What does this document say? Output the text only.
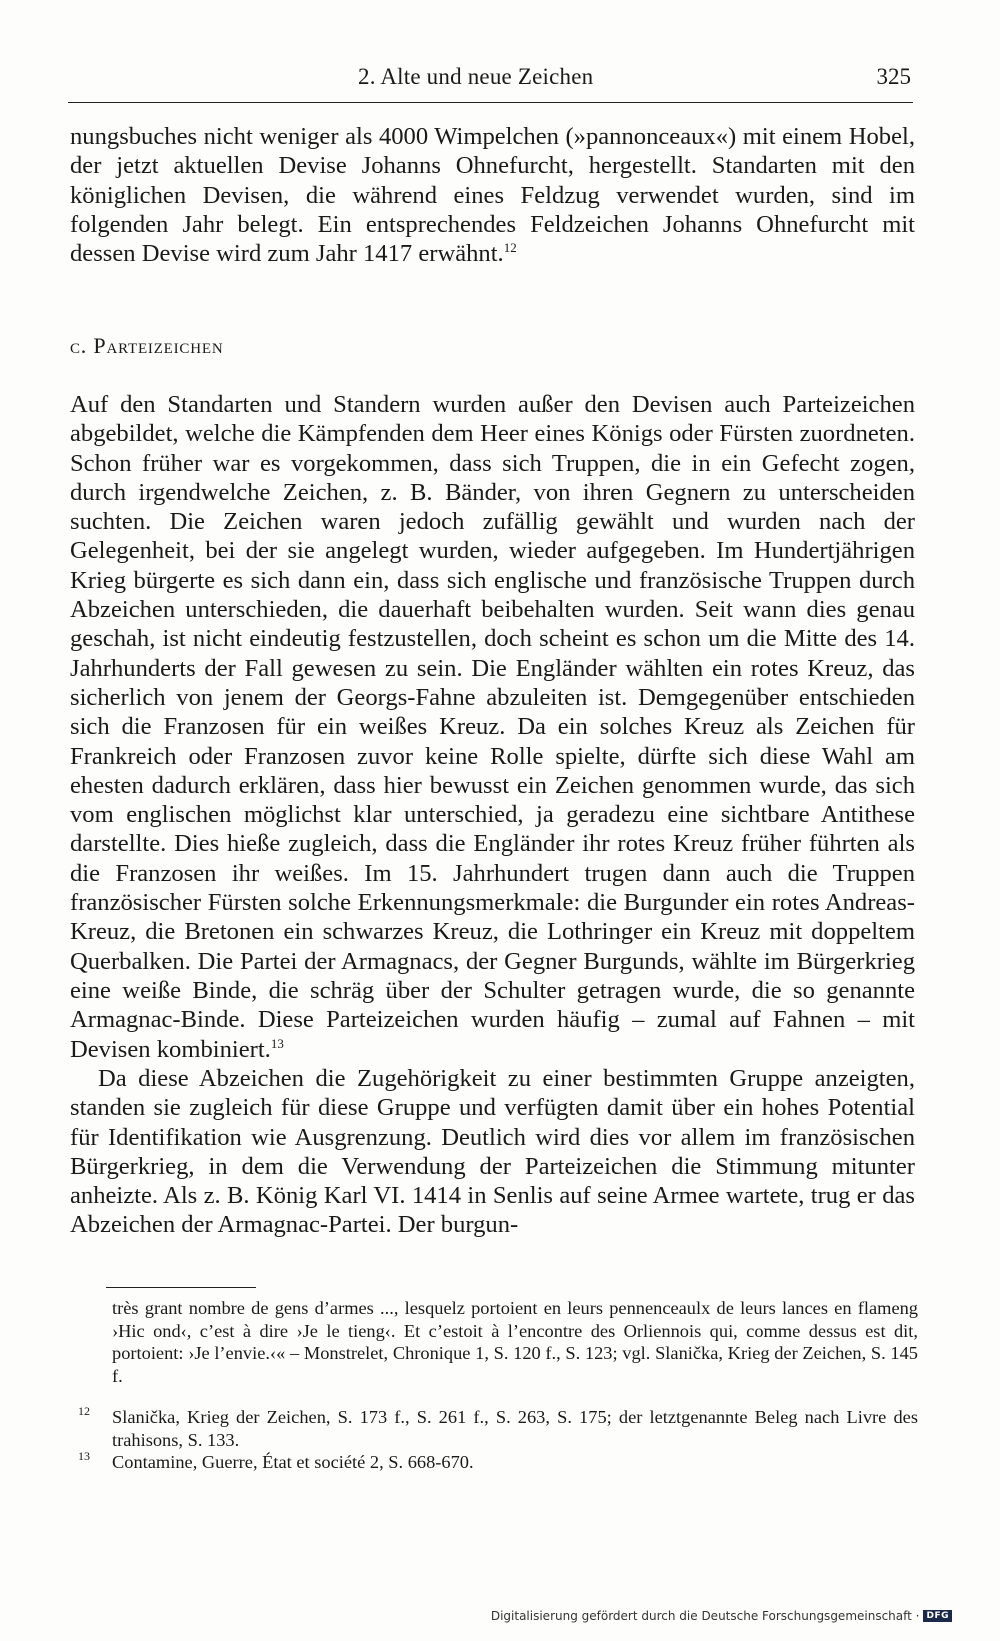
2. Alte und neue Zeichen	325

nungsbuches nicht weniger als 4000 Wimpelchen (»pannonceaux«) mit einem Hobel, der jetzt aktuellen Devise Johanns Ohnefurcht, hergestellt. Standarten mit den königlichen Devisen, die während eines Feldzug verwendet wurden, sind im folgenden Jahr belegt. Ein entsprechendes Feldzeichen Johanns Ohnefurcht mit dessen Devise wird zum Jahr 1417 erwähnt.$^{12}$

c. Parteizeichen

Auf den Standarten und Standern wurden außer den Devisen auch Parteizeichen abgebildet, welche die Kämpfenden dem Heer eines Königs oder Fürsten zuordneten. Schon früher war es vorgekommen, dass sich Truppen, die in ein Gefecht zogen, durch irgendwelche Zeichen, z. B. Bänder, von ihren Gegnern zu unterscheiden suchten. Die Zeichen waren jedoch zufällig gewählt und wurden nach der Gelegenheit, bei der sie angelegt wurden, wieder aufgegeben. Im Hundertjährigen Krieg bürgerte es sich dann ein, dass sich englische und französische Truppen durch Abzeichen unterschieden, die dauerhaft beibehalten wurden. Seit wann dies genau geschah, ist nicht eindeutig festzustellen, doch scheint es schon um die Mitte des 14. Jahrhunderts der Fall gewesen zu sein. Die Engländer wählten ein rotes Kreuz, das sicherlich von jenem der Georgs-Fahne abzuleiten ist. Demgegenüber entschieden sich die Franzosen für ein weißes Kreuz. Da ein solches Kreuz als Zeichen für Frankreich oder Franzosen zuvor keine Rolle spielte, dürfte sich diese Wahl am ehesten dadurch erklären, dass hier bewusst ein Zeichen genommen wurde, das sich vom englischen möglichst klar unterschied, ja geradezu eine sichtbare Antithese darstellte. Dies hieße zugleich, dass die Engländer ihr rotes Kreuz früher führten als die Franzosen ihr weißes. Im 15. Jahrhundert trugen dann auch die Truppen französischer Fürsten solche Erkennungsmerkmale: die Burgunder ein rotes Andreas-Kreuz, die Bretonen ein schwarzes Kreuz, die Lothringer ein Kreuz mit doppeltem Querbalken. Die Partei der Armagnacs, der Gegner Burgunds, wählte im Bürgerkrieg eine weiße Binde, die schräg über der Schulter getragen wurde, die so genannte Armagnac-Binde. Diese Parteizeichen wurden häufig – zumal auf Fahnen – mit Devisen kombiniert.$^{13}$

Da diese Abzeichen die Zugehörigkeit zu einer bestimmten Gruppe anzeigten, standen sie zugleich für diese Gruppe und verfügten damit über ein hohes Potential für Identifikation wie Ausgrenzung. Deutlich wird dies vor allem im französischen Bürgerkrieg, in dem die Verwendung der Parteizeichen die Stimmung mitunter anheizte. Als z. B. König Karl VI. 1414 in Senlis auf seine Armee wartete, trug er das Abzeichen der Armagnac-Partei. Der burgun-

très grant nombre de gens d’armes ..., lesquelz portoient en leurs pennenceaulx de leurs lances en flameng ›Hic ond‹, c’est à dire ›Je le tieng‹. Et c’estoit à l’encontre des Orliennois qui, comme dessus est dit, portoient: ›Je l’envie.‹« – Monstrelet, Chronique 1, S. 120 f., S. 123; vgl. Slanička, Krieg der Zeichen, S. 145 f.

12 Slanička, Krieg der Zeichen, S. 173 f., S. 261 f., S. 263, S. 175; der letztgenannte Beleg nach Livre des trahisons, S. 133.

13 Contamine, Guerre, État et société 2, S. 668-670.

Digitalisierung gefördert durch die Deutsche Forschungsgemeinschaft · DFG
